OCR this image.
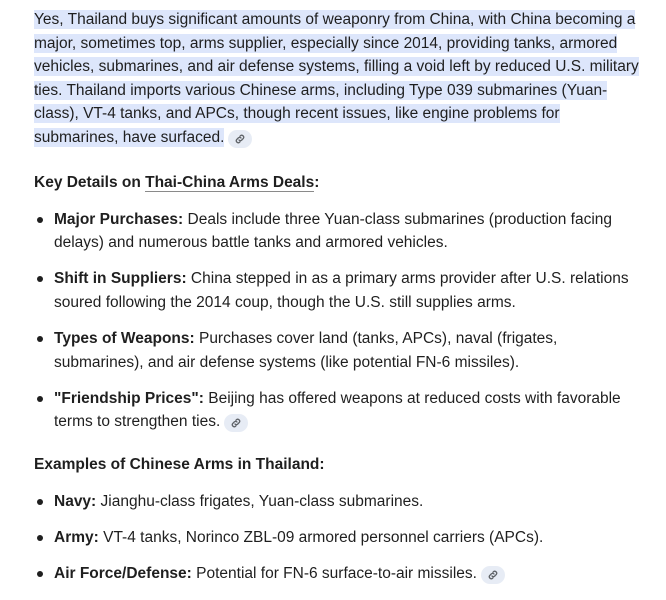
Yes, Thailand buys significant amounts of weaponry from China, with China becoming a major, sometimes top, arms supplier, especially since 2014, providing tanks, armored vehicles, submarines, and air defense systems, filling a void left by reduced U.S. military ties. Thailand imports various Chinese arms, including Type 039 submarines (Yuan-class), VT-4 tanks, and APCs, though recent issues, like engine problems for submarines, have surfaced.

Key Details on Thai-China Arms Deals:
Major Purchases: Deals include three Yuan-class submarines (production facing delays) and numerous battle tanks and armored vehicles.
Shift in Suppliers: China stepped in as a primary arms provider after U.S. relations soured following the 2014 coup, though the U.S. still supplies arms.
Types of Weapons: Purchases cover land (tanks, APCs), naval (frigates, submarines), and air defense systems (like potential FN-6 missiles).
"Friendship Prices": Beijing has offered weapons at reduced costs with favorable terms to strengthen ties.
Examples of Chinese Arms in Thailand:
Navy: Jianghu-class frigates, Yuan-class submarines.
Army: VT-4 tanks, Norinco ZBL-09 armored personnel carriers (APCs).
Air Force/Defense: Potential for FN-6 surface-to-air missiles.
